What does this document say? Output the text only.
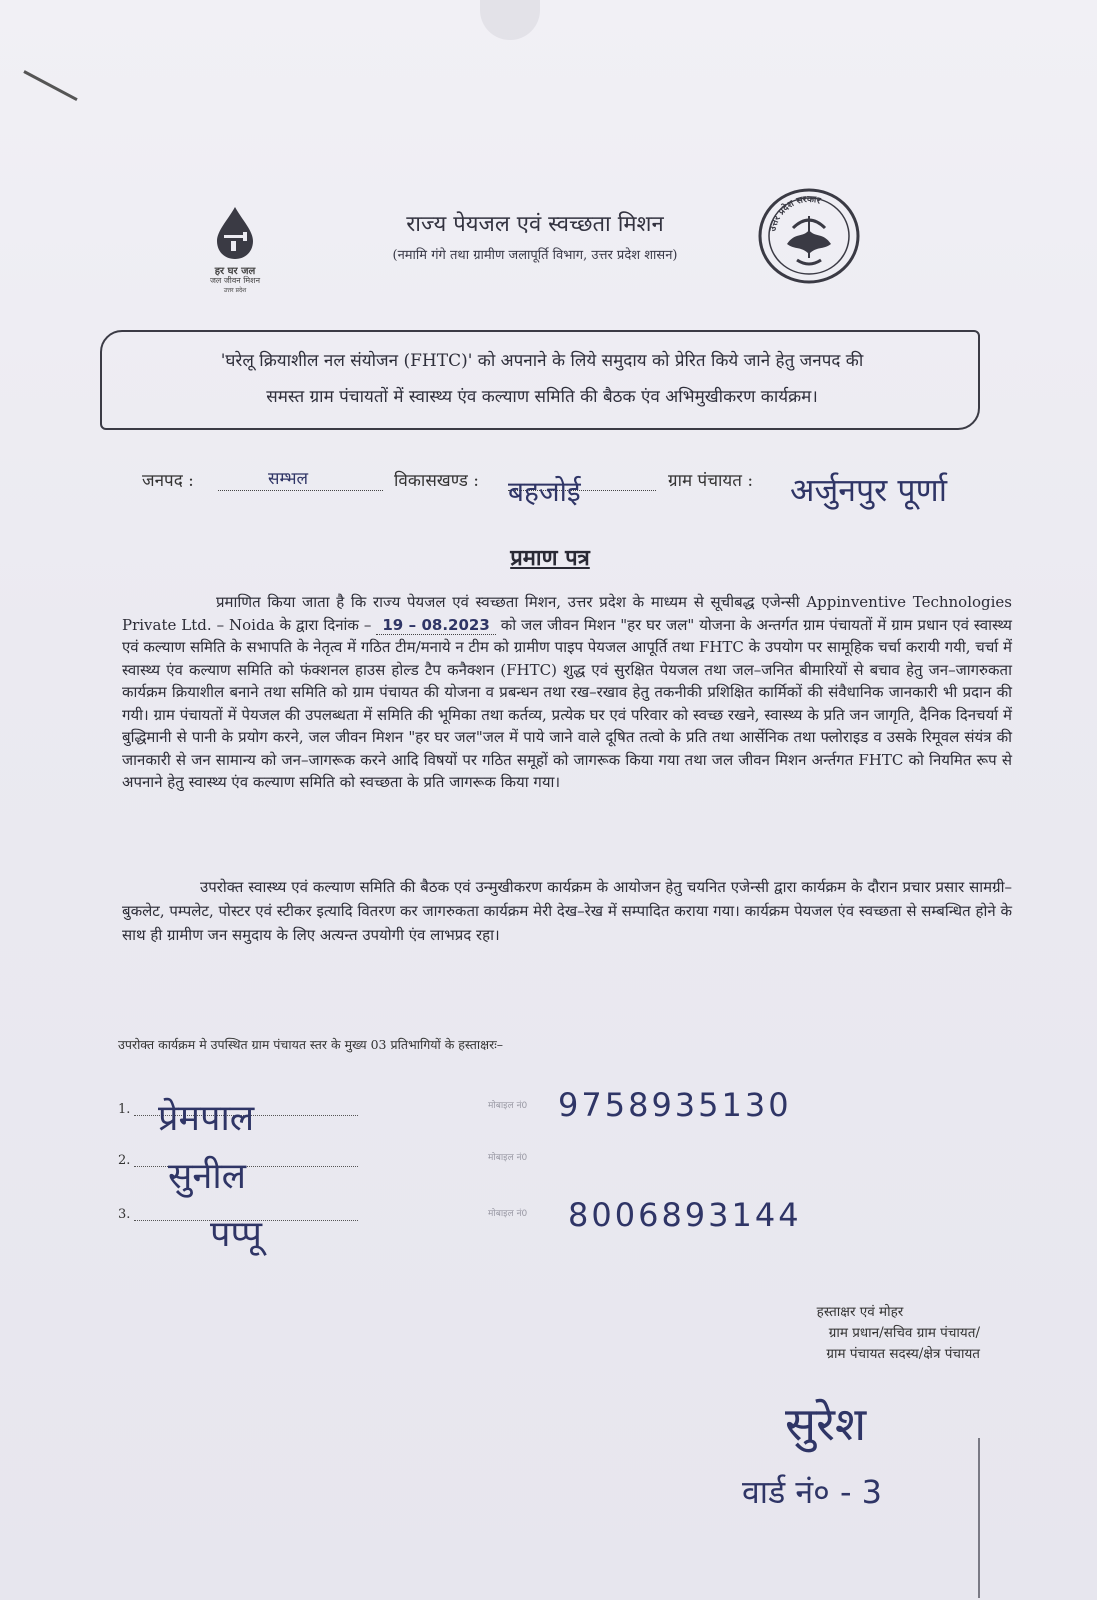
हर घर जल
जल जीवन मिशन
उत्तर प्रदेश
उत्तर प्रदेश सरकार
राज्य पेयजल एवं स्वच्छता मिशन
(नमामि गंगे तथा ग्रामीण जलापूर्ति विभाग, उत्तर प्रदेश शासन)
'घरेलू क्रियाशील नल संयोजन (FHTC)' को अपनाने के लिये समुदाय को प्रेरित किये जाने हेतु जनपद की
समस्त ग्राम पंचायतों में स्वास्थ्य एंव कल्याण समिति की बैठक एंव अभिमुखीकरण कार्यक्रम।
जनपद :	सम्भल	विकासखण्ड : बहजोई	ग्राम पंचायत : अर्जुनपुर पूर्णा
प्रमाण पत्र
प्रमाणित किया जाता है कि राज्य पेयजल एवं स्वच्छता मिशन, उत्तर प्रदेश के माध्यम से सूचीबद्ध एजेन्सी Appinventive Technologies Private Ltd. – Noida के द्वारा दिनांक – 19 – 08.2023 को जल जीवन मिशन "हर घर जल" योजना के अन्तर्गत ग्राम पंचायतों में ग्राम प्रधान एवं स्वास्थ्य एवं कल्याण समिति के सभापति के नेतृत्व में गठित टीम/मनाये न टीम को ग्रामीण पाइप पेयजल आपूर्ति तथा FHTC के उपयोग पर सामूहिक चर्चा करायी गयी, चर्चा में स्वास्थ्य एंव कल्याण समिति को फंक्शनल हाउस होल्ड टैप कनैक्शन (FHTC) शुद्ध एवं सुरक्षित पेयजल तथा जल–जनित बीमारियों से बचाव हेतु जन–जागरुकता कार्यक्रम क्रियाशील बनाने तथा समिति को ग्राम पंचायत की योजना व प्रबन्धन तथा रख–रखाव हेतु तकनीकी प्रशिक्षित कार्मिकों की संवैधानिक जानकारी भी प्रदान की गयी। ग्राम पंचायतों में पेयजल की उपलब्धता में समिति की भूमिका तथा कर्तव्य, प्रत्येक घर एवं परिवार को स्वच्छ रखने, स्वास्थ्य के प्रति जन जागृति, दैनिक दिनचर्या में बुद्धिमानी से पानी के प्रयोग करने, जल जीवन मिशन "हर घर जल"जल में पाये जाने वाले दूषित तत्वो के प्रति तथा आर्सेनिक तथा फ्लोराइड व उसके रिमूवल संयंत्र की जानकारी से जन सामान्य को जन–जागरूक करने आदि विषयों पर गठित समूहों को जागरूक किया गया तथा जल जीवन मिशन अर्न्तगत FHTC को नियमित रूप से अपनाने हेतु स्वास्थ्य एंव कल्याण समिति को स्वच्छता के प्रति जागरूक किया गया।
उपरोक्त स्वास्थ्य एवं कल्याण समिति की बैठक एवं उन्मुखीकरण कार्यक्रम के आयोजन हेतु चयनित एजेन्सी द्वारा कार्यक्रम के दौरान प्रचार प्रसार सामग्री–बुकलेट, पम्पलेट, पोस्टर एवं स्टीकर इत्यादि वितरण कर जागरुकता कार्यक्रम मेरी देख–रेख में सम्पादित कराया गया। कार्यक्रम पेयजल एंव स्वच्छता से सम्बन्धित होने के साथ ही ग्रामीण जन समुदाय के लिए अत्यन्त उपयोगी एंव लाभप्रद रहा।
उपरोक्त कार्यक्रम मे उपस्थित ग्राम पंचायत स्तर के मुख्य 03 प्रतिभागियों के हस्ताक्षरः–
1. प्रेमपाल	मोबाइल नं0 9758935130
2. सुनील	मोबाइल नं0
3. पप्पू	मोबाइल नं0 8006893144
हस्ताक्षर एवं मोहर
ग्राम प्रधान/सचिव ग्राम पंचायत/
ग्राम पंचायत सदस्य/क्षेत्र पंचायत
सुरेश
वार्ड नं० - 3
